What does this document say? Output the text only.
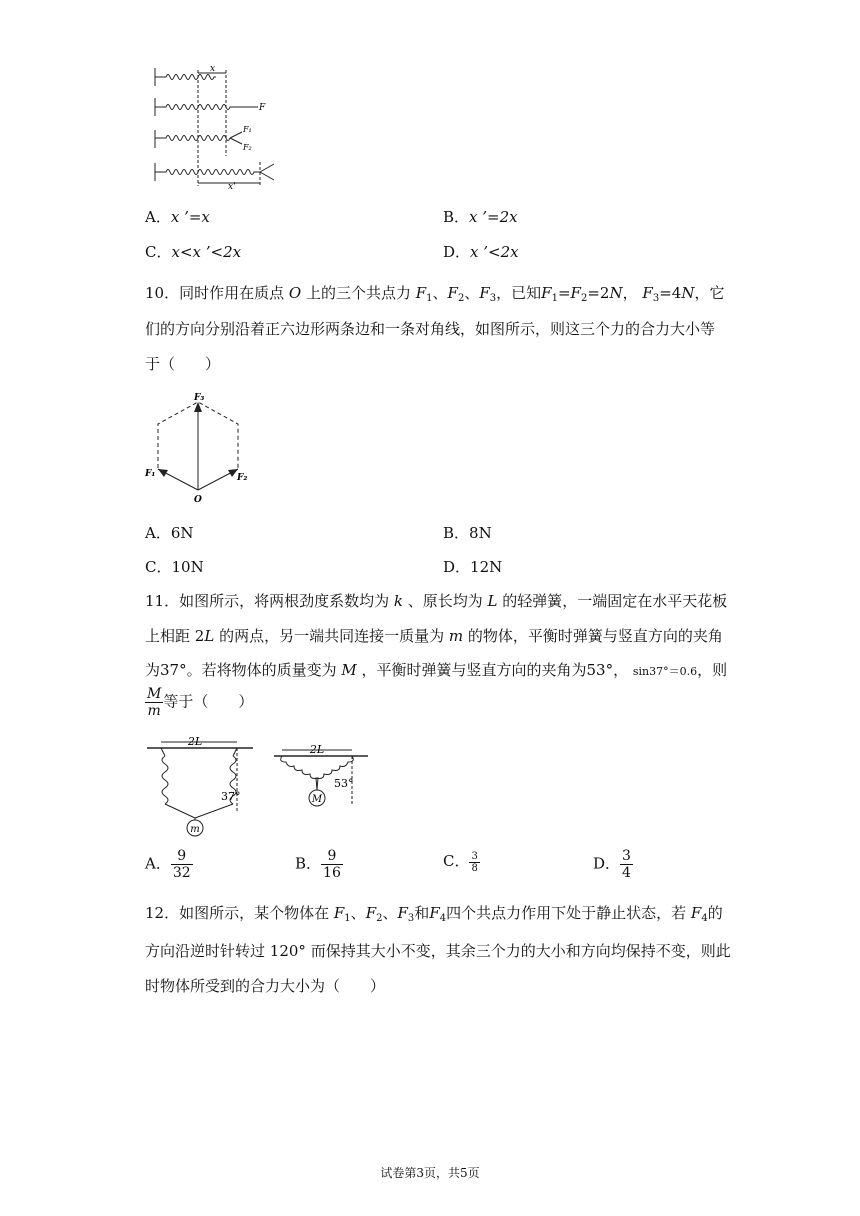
x
x'
F
F₁
F₂
A．x ’=x	B．x ’=2x
C．x<x ’<2x	D．x ’<2x
10．同时作用在质点 O 上的三个共点力 $F_1$、$F_2$、$F_3$，已知$F_1=F_2=2N$， $F_3=4N$，它
们的方向分别沿着正六边形两条边和一条对角线，如图所示，则这三个力的合力大小等
于（　　）
F₃
F₁	F₂
O
A．6N	B．8N
C．10N	D．12N
11．如图所示，将两根劲度系数均为 k 、原长均为 L 的轻弹簧，一端固定在水平天花板
上相距 2L 的两点，另一端共同连接一质量为 m 的物体，平衡时弹簧与竖直方向的夹角
为37°。若将物体的质量变为 M ，平衡时弹簧与竖直方向的夹角为53°， sin37°＝0.6，则
$\frac{M}{m}$ 等于（　　）
2L
37°
m
2L
53°
M
A． $\frac{9}{32}$	B． $\frac{9}{16}$	C． $\frac{3}{8}$	D． $\frac{3}{4}$
12．如图所示，某个物体在 $F_1$、$F_2$、$F_3$和$F_4$四个共点力作用下处于静止状态，若 $F_4$的
方向沿逆时针转过 120° 而保持其大小不变，其余三个力的大小和方向均保持不变，则此
时物体所受到的合力大小为（　　）
试卷第3页，共5页
